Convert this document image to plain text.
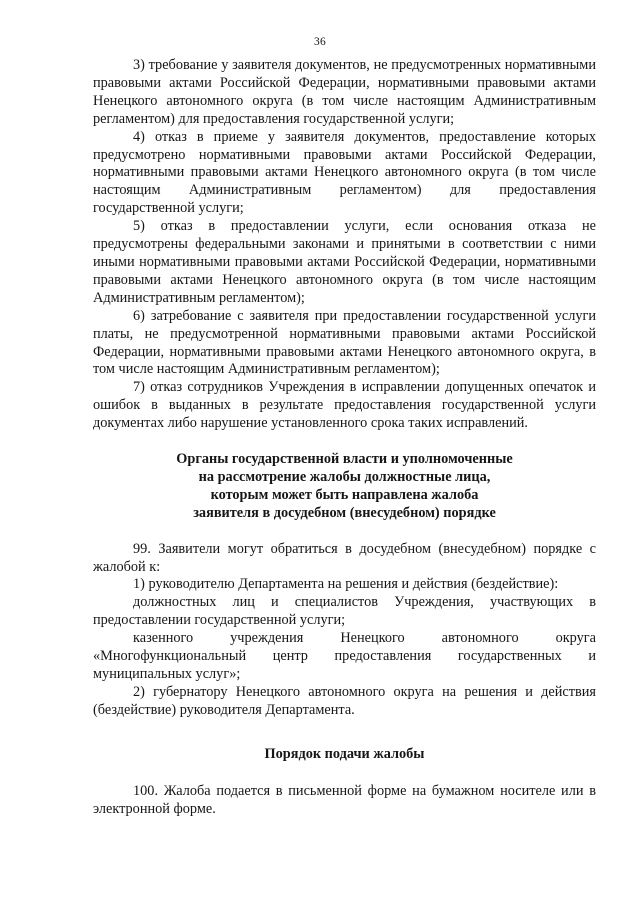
36

3) требование у заявителя документов, не предусмотренных нормативными правовыми актами Российской Федерации, нормативными правовыми актами Ненецкого автономного округа (в том числе настоящим Административным регламентом) для предоставления государственной услуги;

4) отказ в приеме у заявителя документов, предоставление которых предусмотрено нормативными правовыми актами Российской Федерации, нормативными правовыми актами Ненецкого автономного округа (в том числе настоящим Административным регламентом) для предоставления государственной услуги;

5) отказ в предоставлении услуги, если основания отказа не предусмотрены федеральными законами и принятыми в соответствии с ними иными нормативными правовыми актами Российской Федерации, нормативными правовыми актами Ненецкого автономного округа (в том числе настоящим Административным регламентом);

6) затребование с заявителя при предоставлении государственной услуги платы, не предусмотренной нормативными правовыми актами Российской Федерации, нормативными правовыми актами Ненецкого автономного округа, в том числе настоящим Административным регламентом);

7) отказ сотрудников Учреждения в исправлении допущенных опечаток и ошибок в выданных в результате предоставления государственной услуги документах либо нарушение установленного срока таких исправлений.

Органы государственной власти и уполномоченные

на рассмотрение жалобы должностные лица,

которым может быть направлена жалоба

заявителя в досудебном (внесудебном) порядке

99. Заявители могут обратиться в досудебном (внесудебном) порядке с жалобой к:

1) руководителю Департамента на решения и действия (бездействие):

должностных лиц и специалистов Учреждения, участвующих в предоставлении государственной услуги;

казенного учреждения Ненецкого автономного округа «Многофункциональный центр предоставления государственных и муниципальных услуг»;

2) губернатору Ненецкого автономного округа на решения и действия (бездействие) руководителя Департамента.

Порядок подачи жалобы

100. Жалоба подается в письменной форме на бумажном носителе или в электронной форме.
